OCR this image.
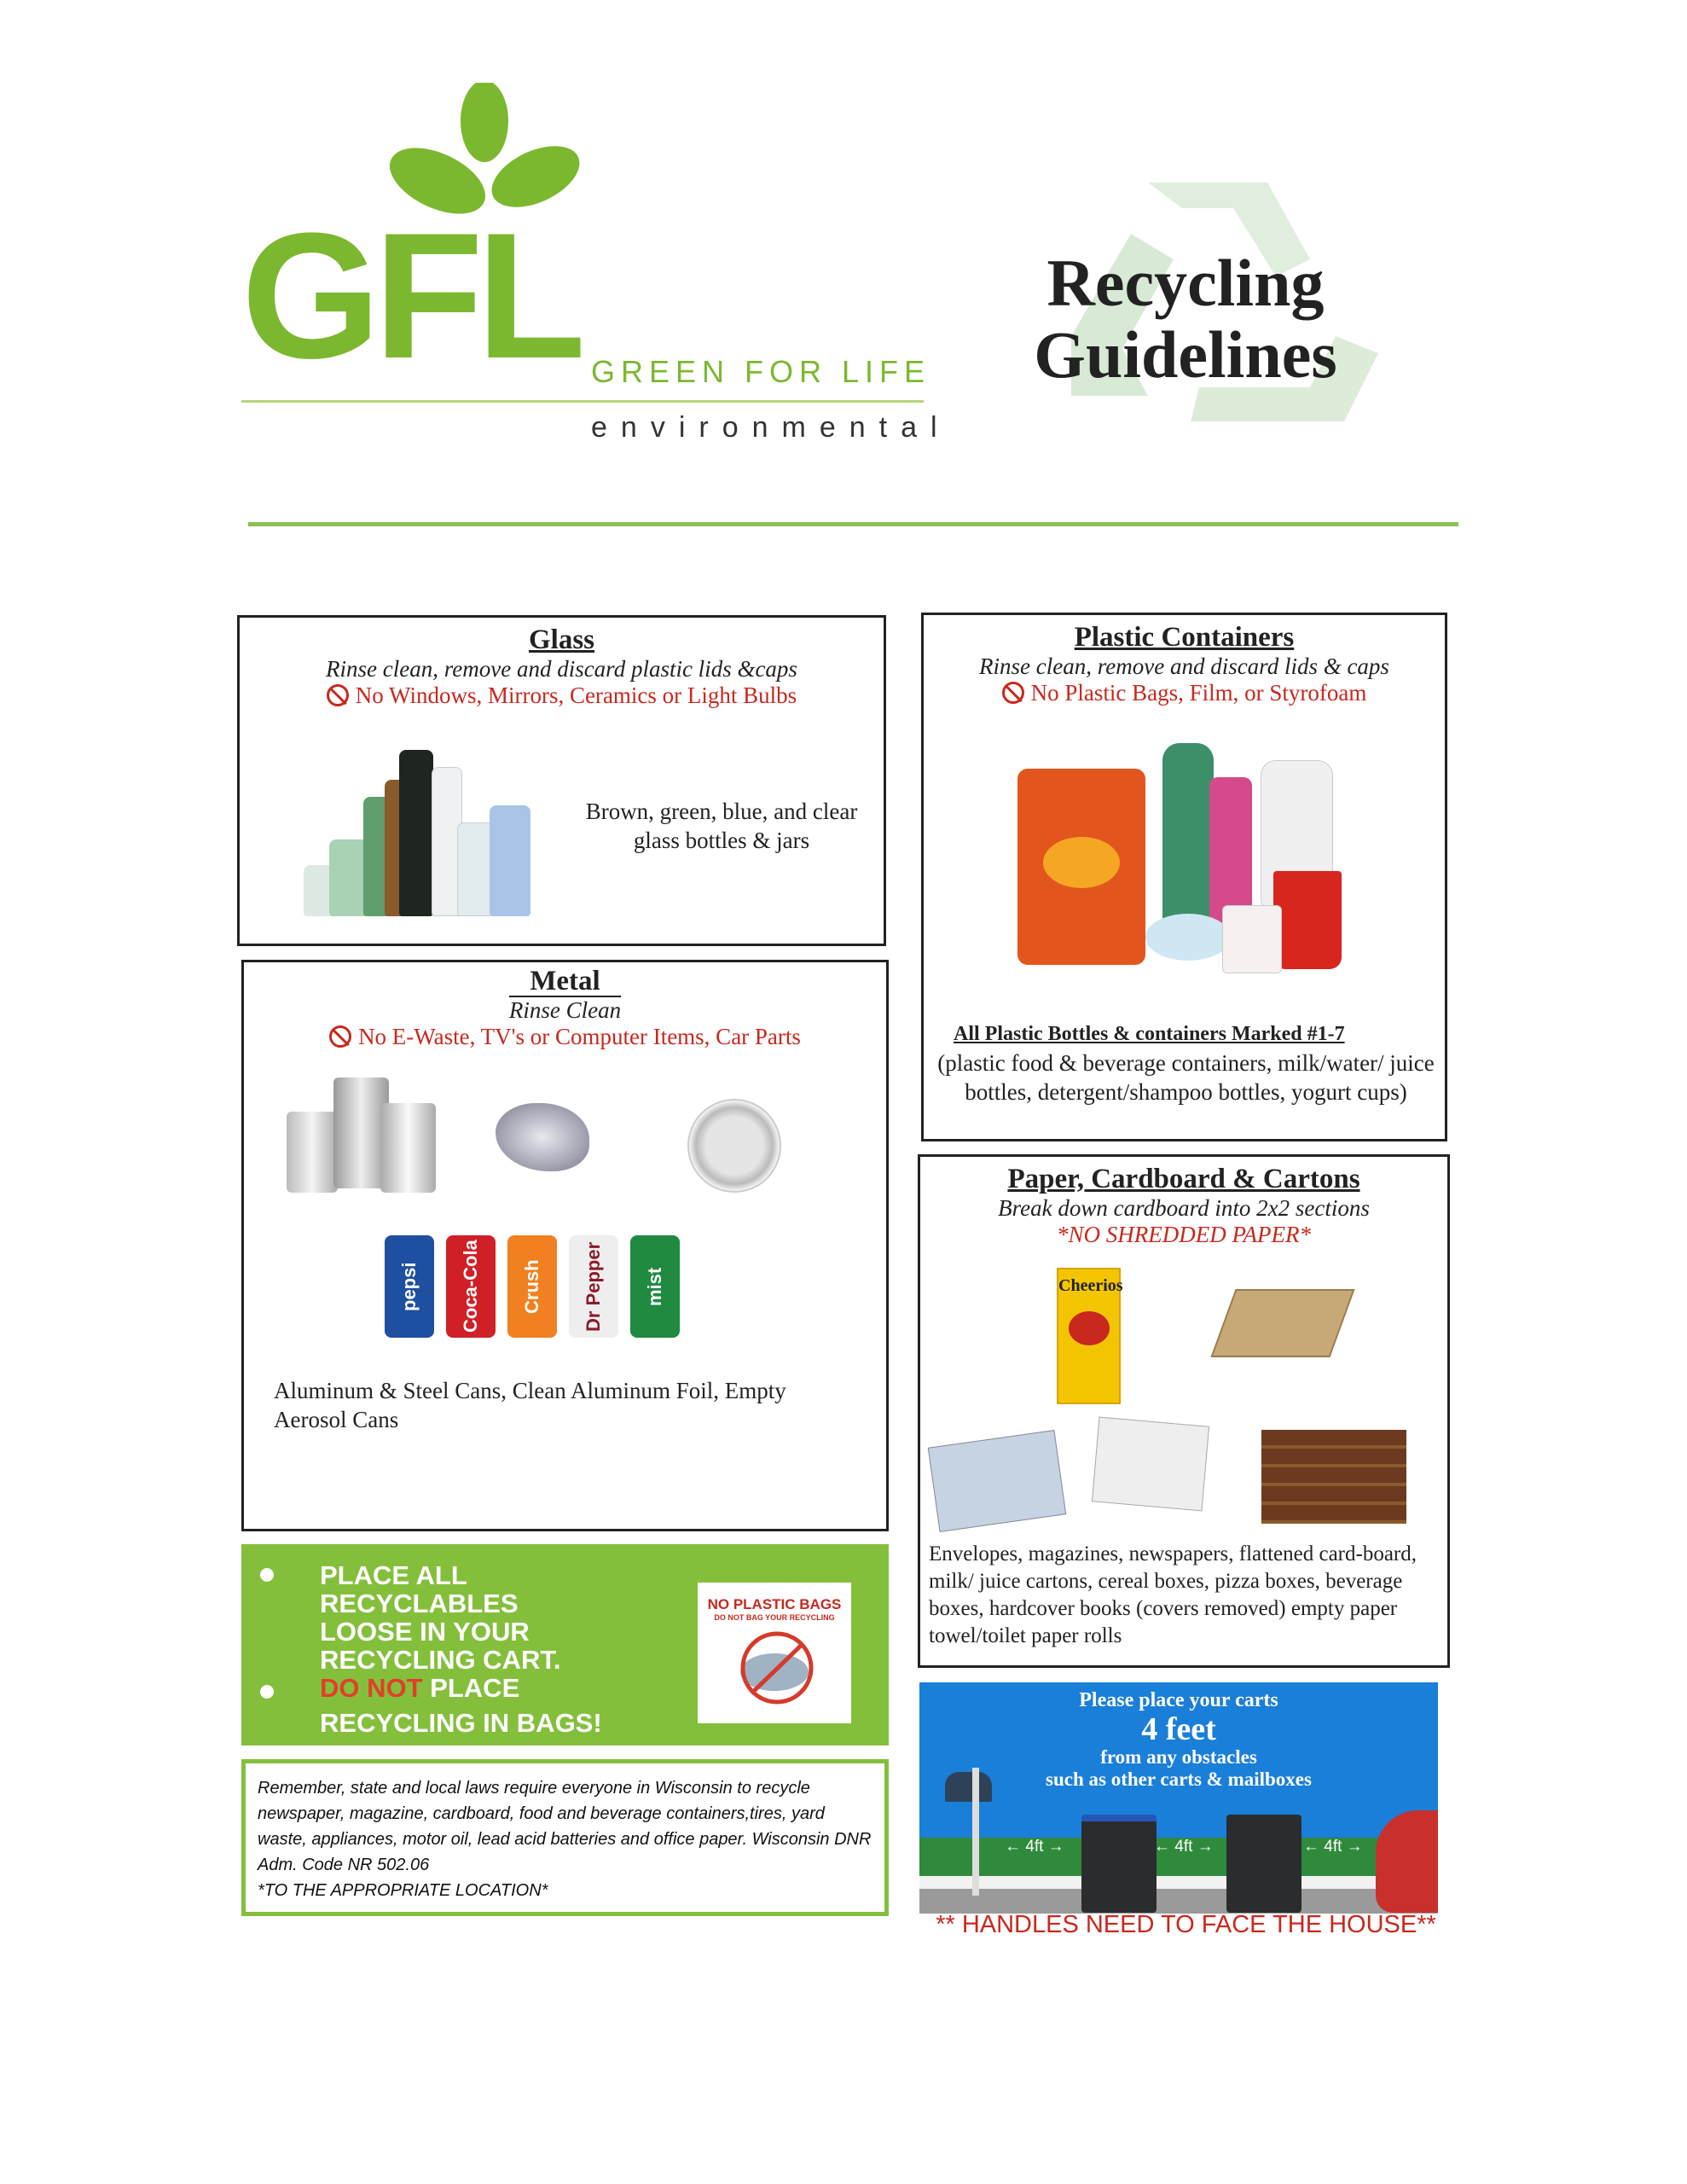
GFL GREEN FOR LIFE
environmental
Recycling
Guidelines
Glass
Rinse clean, remove and discard plastic lids &caps
No Windows, Mirrors, Ceramics or Light Bulbs
Brown, green, blue, and clear
glass bottles & jars
Plastic Containers
Rinse clean, remove and discard lids & caps
No Plastic Bags, Film, or Styrofoam
All Plastic Bottles & containers Marked #1-7
(plastic food & beverage containers, milk/water/ juice bottles, detergent/shampoo bottles, yogurt cups)
Metal
Rinse Clean
No E-Waste, TV's or Computer Items, Car Parts
pepsi	Coca-Cola	Crush	Dr Pepper	mist
Aluminum & Steel Cans, Clean Aluminum Foil, Empty Aerosol Cans
Paper, Cardboard & Cartons
Break down cardboard into 2x2 sections
*NO SHREDDED PAPER*
Cheerios
Envelopes, magazines, newspapers, flattened card-board, milk/ juice cartons, cereal boxes, pizza boxes, beverage boxes, hardcover books (covers removed) empty paper towel/toilet paper rolls
PLACE ALL
RECYCLABLES
LOOSE IN YOUR
RECYCLING CART.
DO NOT PLACE
RECYCLING IN BAGS!
NO PLASTIC BAGS
DO NOT BAG YOUR RECYCLING
Remember, state and local laws require everyone in Wisconsin to recycle newspaper, magazine, cardboard, food and beverage containers,tires, yard waste, appliances, motor oil, lead acid batteries and office paper. Wisconsin DNR Adm. Code NR 502.06
*TO THE APPROPRIATE LOCATION*
Please place your carts
4 feet
from any obstacles
such as other carts & mailboxes
← 4ft →	← 4ft →	← 4ft →
** HANDLES NEED TO FACE THE HOUSE**
